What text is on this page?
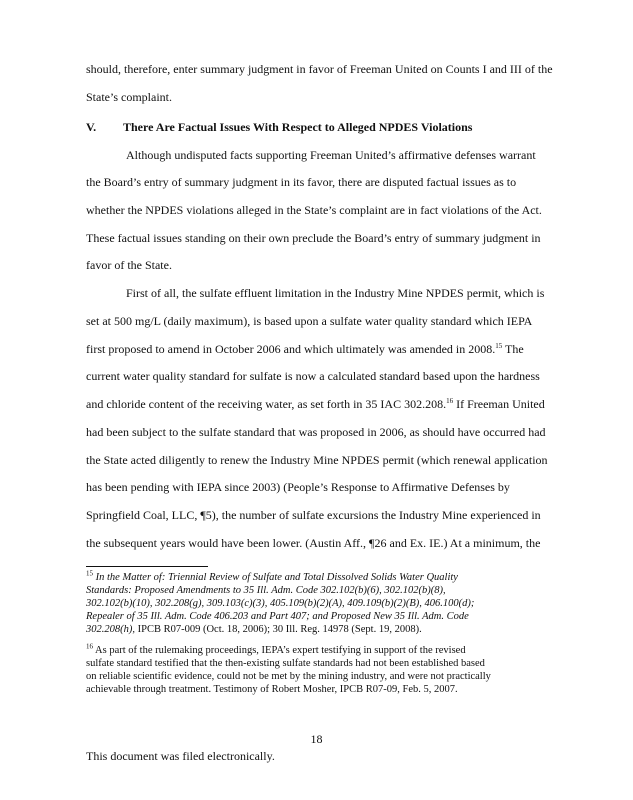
should, therefore, enter summary judgment in favor of Freeman United on Counts I and III of the
State’s complaint.
V. There Are Factual Issues With Respect to Alleged NPDES Violations
Although undisputed facts supporting Freeman United’s affirmative defenses warrant
the Board’s entry of summary judgment in its favor, there are disputed factual issues as to
whether the NPDES violations alleged in the State’s complaint are in fact violations of the Act.
These factual issues standing on their own preclude the Board’s entry of summary judgment in
favor of the State.
First of all, the sulfate effluent limitation in the Industry Mine NPDES permit, which is
set at 500 mg/L (daily maximum), is based upon a sulfate water quality standard which IEPA
first proposed to amend in October 2006 and which ultimately was amended in 2008.15 The
current water quality standard for sulfate is now a calculated standard based upon the hardness
and chloride content of the receiving water, as set forth in 35 IAC 302.208.16 If Freeman United
had been subject to the sulfate standard that was proposed in 2006, as should have occurred had
the State acted diligently to renew the Industry Mine NPDES permit (which renewal application
has been pending with IEPA since 2003) (People’s Response to Affirmative Defenses by
Springfield Coal, LLC, ¶5), the number of sulfate excursions the Industry Mine experienced in
the subsequent years would have been lower. (Austin Aff., ¶26 and Ex. IE.) At a minimum, the
$^{15}$ In the Matter of: Triennial Review of Sulfate and Total Dissolved Solids Water Quality
Standards: Proposed Amendments to 35 Ill. Adm. Code 302.102(b)(6), 302.102(b)(8),
302.102(b)(10), 302.208(g), 309.103(c)(3), 405.109(b)(2)(A), 409.109(b)(2)(B), 406.100(d);
Repealer of 35 Ill. Adm. Code 406.203 and Part 407; and Proposed New 35 Ill. Adm. Code
302.208(h), IPCB R07-009 (Oct. 18, 2006); 30 Ill. Reg. 14978 (Sept. 19, 2008).
$^{16}$ As part of the rulemaking proceedings, IEPA’s expert testifying in support of the revised
sulfate standard testified that the then-existing sulfate standards had not been established based
on reliable scientific evidence, could not be met by the mining industry, and were not practically
achievable through treatment. Testimony of Robert Mosher, IPCB R07-09, Feb. 5, 2007.
18
This document was filed electronically.
